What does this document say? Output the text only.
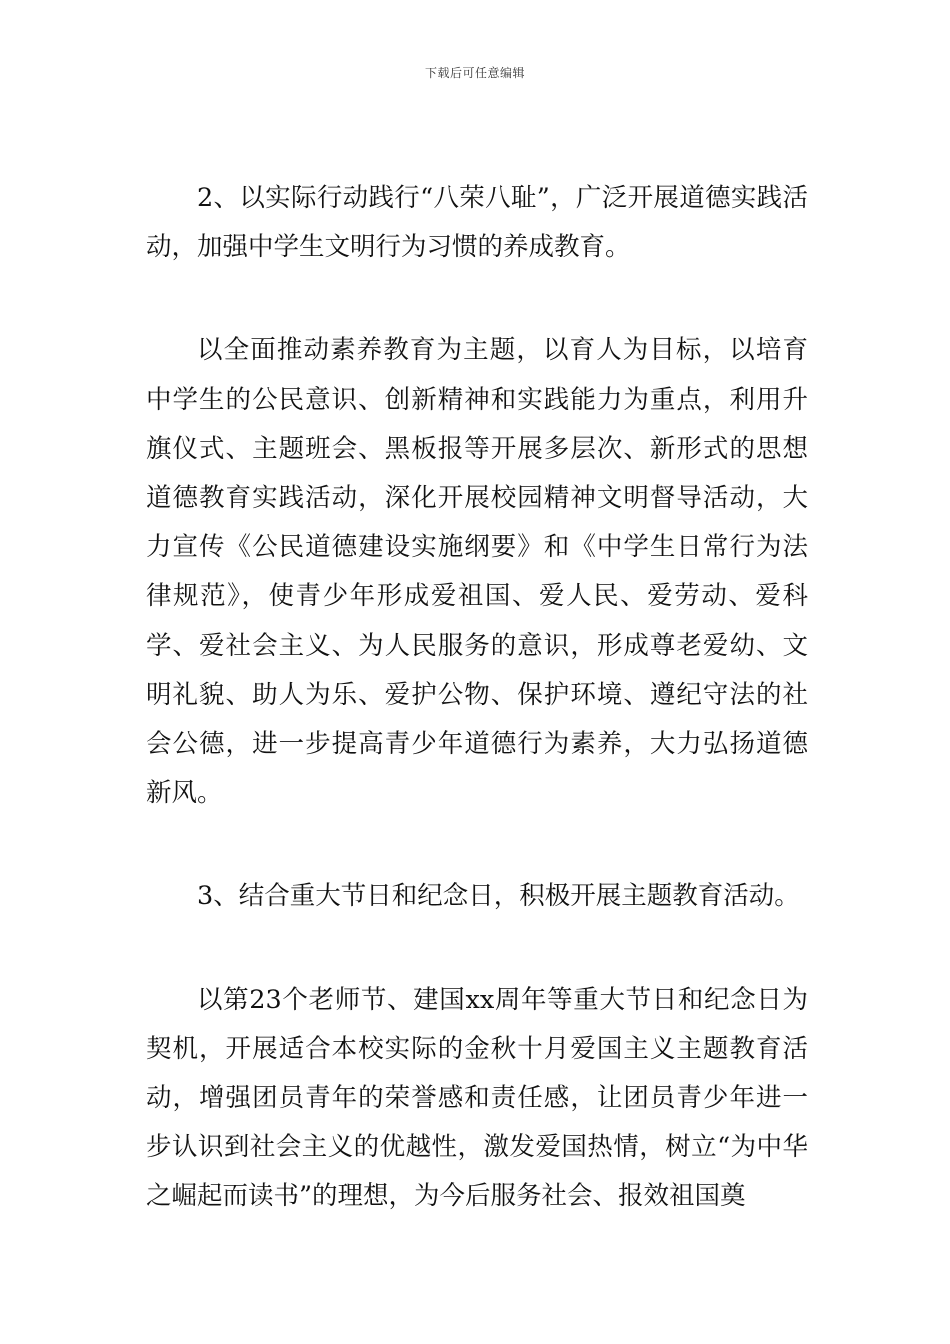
下载后可任意编辑

2、以实际行动践行“八荣八耻”，广泛开展道德实践活动，加强中学生文明行为习惯的养成教育。

以全面推动素养教育为主题，以育人为目标，以培育中学生的公民意识、创新精神和实践能力为重点，利用升旗仪式、主题班会、黑板报等开展多层次、新形式的思想道德教育实践活动，深化开展校园精神文明督导活动，大力宣传《公民道德建设实施纲要》和《中学生日常行为法律规范》，使青少年形成爱祖国、爱人民、爱劳动、爱科学、爱社会主义、为人民服务的意识，形成尊老爱幼、文明礼貌、助人为乐、爱护公物、保护环境、遵纪守法的社会公德，进一步提高青少年道德行为素养，大力弘扬道德新风。

3、结合重大节日和纪念日，积极开展主题教育活动。

以第23个老师节、建国xx周年等重大节日和纪念日为契机，开展适合本校实际的金秋十月爱国主义主题教育活动，增强团员青年的荣誉感和责任感，让团员青少年进一步认识到社会主义的优越性，激发爱国热情，树立“为中华之崛起而读书”的理想，为今后服务社会、报效祖国奠
